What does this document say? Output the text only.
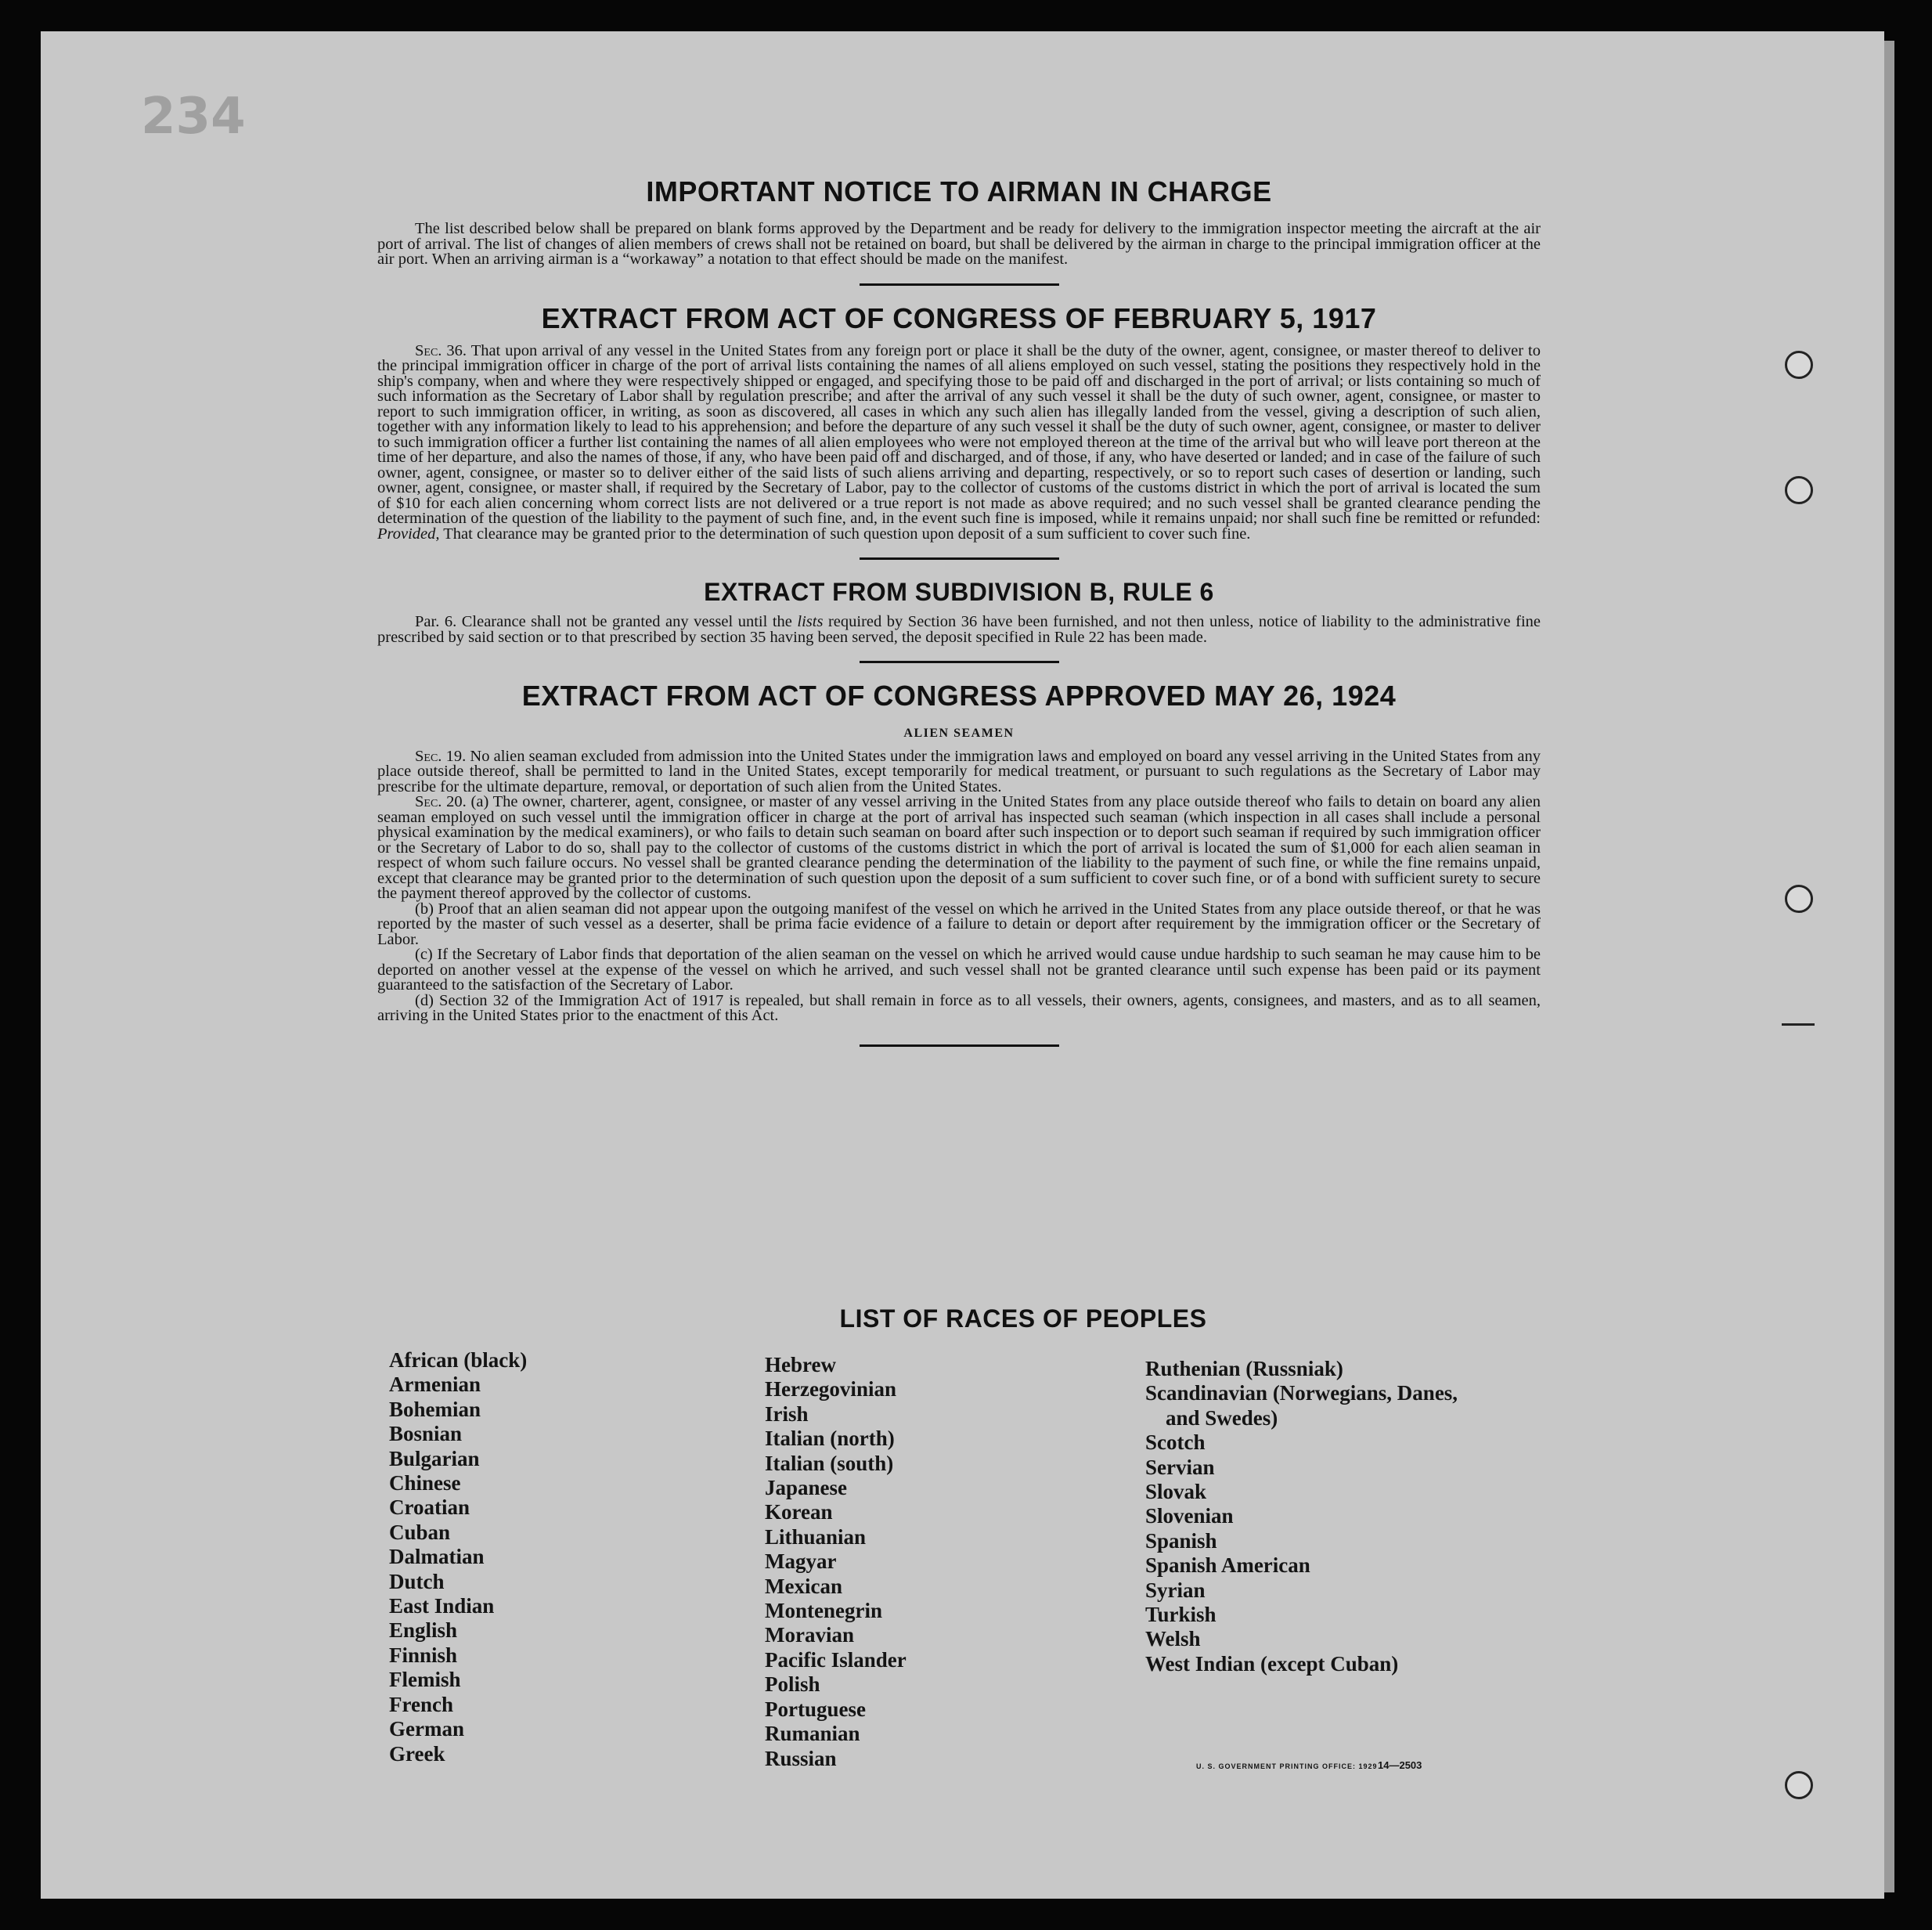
234
IMPORTANT NOTICE TO AIRMAN IN CHARGE

The list described below shall be prepared on blank forms approved by the Department and be ready for delivery to the immigration inspector meeting the aircraft at the air port of arrival. The list of changes of alien members of crews shall not be retained on board, but shall be delivered by the airman in charge to the principal immigration officer at the air port. When an arriving airman is a “workaway” a notation to that effect should be made on the manifest.

EXTRACT FROM ACT OF CONGRESS OF FEBRUARY 5, 1917

Sec. 36. That upon arrival of any vessel in the United States from any foreign port or place it shall be the duty of the owner, agent, consignee, or master thereof to deliver to the principal immigration officer in charge of the port of arrival lists containing the names of all aliens employed on such vessel, stating the positions they respectively hold in the ship's company, when and where they were respectively shipped or engaged, and specifying those to be paid off and discharged in the port of arrival; or lists containing so much of such information as the Secretary of Labor shall by regulation prescribe; and after the arrival of any such vessel it shall be the duty of such owner, agent, consignee, or master to report to such immigration officer, in writing, as soon as discovered, all cases in which any such alien has illegally landed from the vessel, giving a description of such alien, together with any information likely to lead to his apprehension; and before the departure of any such vessel it shall be the duty of such owner, agent, consignee, or master to deliver to such immigration officer a further list containing the names of all alien employees who were not employed thereon at the time of the arrival but who will leave port thereon at the time of her departure, and also the names of those, if any, who have been paid off and discharged, and of those, if any, who have deserted or landed; and in case of the failure of such owner, agent, consignee, or master so to deliver either of the said lists of such aliens arriving and departing, respectively, or so to report such cases of desertion or landing, such owner, agent, consignee, or master shall, if required by the Secretary of Labor, pay to the collector of customs of the customs district in which the port of arrival is located the sum of $10 for each alien concerning whom correct lists are not delivered or a true report is not made as above required; and no such vessel shall be granted clearance pending the determination of the question of the liability to the payment of such fine, and, in the event such fine is imposed, while it remains unpaid; nor shall such fine be remitted or refunded: Provided, That clearance may be granted prior to the determination of such question upon deposit of a sum sufficient to cover such fine.

EXTRACT FROM SUBDIVISION B, RULE 6

Par. 6. Clearance shall not be granted any vessel until the lists required by Section 36 have been furnished, and not then unless, notice of liability to the administrative fine prescribed by said section or to that prescribed by section 35 having been served, the deposit specified in Rule 22 has been made.

EXTRACT FROM ACT OF CONGRESS APPROVED MAY 26, 1924
ALIEN SEAMEN

Sec. 19. No alien seaman excluded from admission into the United States under the immigration laws and employed on board any vessel arriving in the United States from any place outside thereof, shall be permitted to land in the United States, except temporarily for medical treatment, or pursuant to such regulations as the Secretary of Labor may prescribe for the ultimate departure, removal, or deportation of such alien from the United States.

Sec. 20. (a) The owner, charterer, agent, consignee, or master of any vessel arriving in the United States from any place outside thereof who fails to detain on board any alien seaman employed on such vessel until the immigration officer in charge at the port of arrival has inspected such seaman (which inspection in all cases shall include a personal physical examination by the medical examiners), or who fails to detain such seaman on board after such inspection or to deport such seaman if required by such immigration officer or the Secretary of Labor to do so, shall pay to the collector of customs of the customs district in which the port of arrival is located the sum of $1,000 for each alien seaman in respect of whom such failure occurs. No vessel shall be granted clearance pending the determination of the liability to the payment of such fine, or while the fine remains unpaid, except that clearance may be granted prior to the determination of such question upon the deposit of a sum sufficient to cover such fine, or of a bond with sufficient surety to secure the payment thereof approved by the collector of customs.

(b) Proof that an alien seaman did not appear upon the outgoing manifest of the vessel on which he arrived in the United States from any place outside thereof, or that he was reported by the master of such vessel as a deserter, shall be prima facie evidence of a failure to detain or deport after requirement by the immigration officer or the Secretary of Labor.

(c) If the Secretary of Labor finds that deportation of the alien seaman on the vessel on which he arrived would cause undue hardship to such seaman he may cause him to be deported on another vessel at the expense of the vessel on which he arrived, and such vessel shall not be granted clearance until such expense has been paid or its payment guaranteed to the satisfaction of the Secretary of Labor.

(d) Section 32 of the Immigration Act of 1917 is repealed, but shall remain in force as to all vessels, their owners, agents, consignees, and masters, and as to all seamen, arriving in the United States prior to the enactment of this Act.

LIST OF RACES OF PEOPLES
African (black)
Armenian
Bohemian
Bosnian
Bulgarian
Chinese
Croatian
Cuban
Dalmatian
Dutch
East Indian
English
Finnish
Flemish
French
German
Greek
Hebrew
Herzegovinian
Irish
Italian (north)
Italian (south)
Japanese
Korean
Lithuanian
Magyar
Mexican
Montenegrin
Moravian
Pacific Islander
Polish
Portuguese
Rumanian
Russian
Ruthenian (Russniak)
Scandinavian (Norwegians, Danes,
and Swedes)
Scotch
Servian
Slovak
Slovenian
Spanish
Spanish American
Syrian
Turkish
Welsh
West Indian (except Cuban)
U. S. GOVERNMENT PRINTING OFFICE: 1929 14—2503
